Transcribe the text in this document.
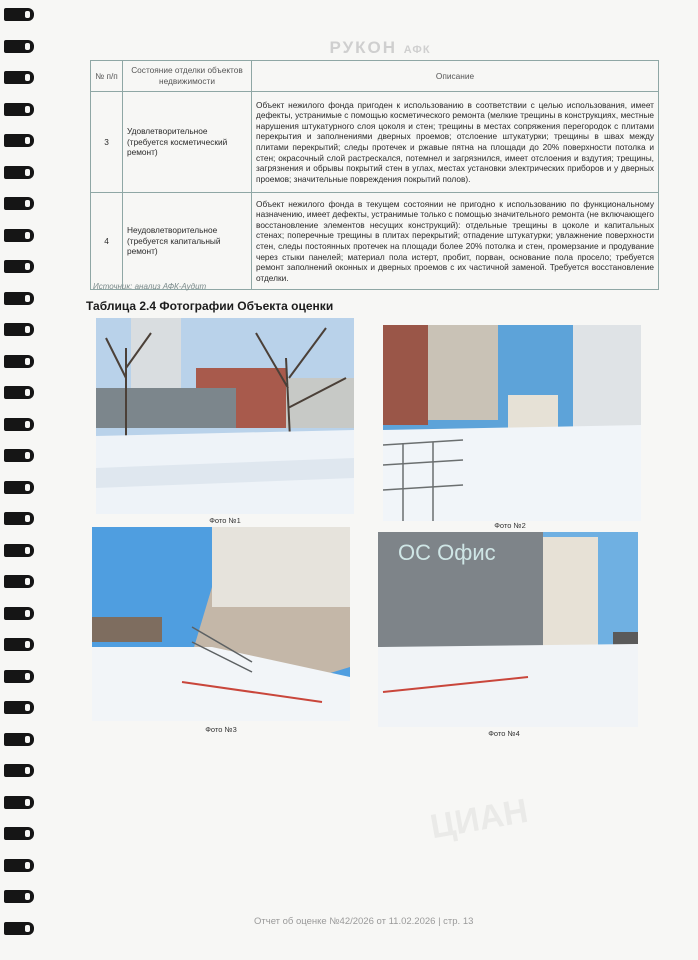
РУКОН АФК
№ п/п	Состояние отделки объектов недвижимости	Описание
3	Удовлетворительное (требуется косметический ремонт)	Объект нежилого фонда пригоден к использованию в соответствии с целью использования, имеет дефекты, устранимые с помощью косметического ремонта (мелкие трещины в конструкциях, местные нарушения штукатурного слоя цоколя и стен; трещины в местах сопряжения перегородок с плитами перекрытия и заполнениями дверных проемов; отслоение штукатурки; трещины в швах между плитами перекрытий; следы протечек и ржавые пятна на площади до 20% поверхности потолка и стен; окрасочный слой растрескался, потемнел и загрязнился, имеет отслоения и вздутия; трещины, загрязнения и обрывы покрытий стен в углах, местах установки электрических приборов и у дверных проемов; значительные повреждения покрытий полов).
4	Неудовлетворительное (требуется капитальный ремонт)	Объект нежилого фонда в текущем состоянии не пригодно к использованию по функциональному назначению, имеет дефекты, устранимые только с помощью значительного ремонта (не включающего восстановление элементов несущих конструкций): отдельные трещины в цоколе и капитальных стенах; поперечные трещины в плитах перекрытий; отпадение штукатурки; увлажнение поверхности стен, следы постоянных протечек на площади более 20% потолка и стен, промерзание и продувание через стыки панелей; материал пола истерт, пробит, порван, основание пола просело; требуется ремонт заполнений оконных и дверных проемов с их частичной заменой. Требуется восстановление отделки.
Источник: анализ АФК-Аудит
Таблица 2.4 Фотографии Объекта оценки
Фото №1
Фото №2
Фото №3
ОС Офис
Фото №4
ЦИАН
Отчет об оценке №42/2026 от 11.02.2026 | стр. 13
